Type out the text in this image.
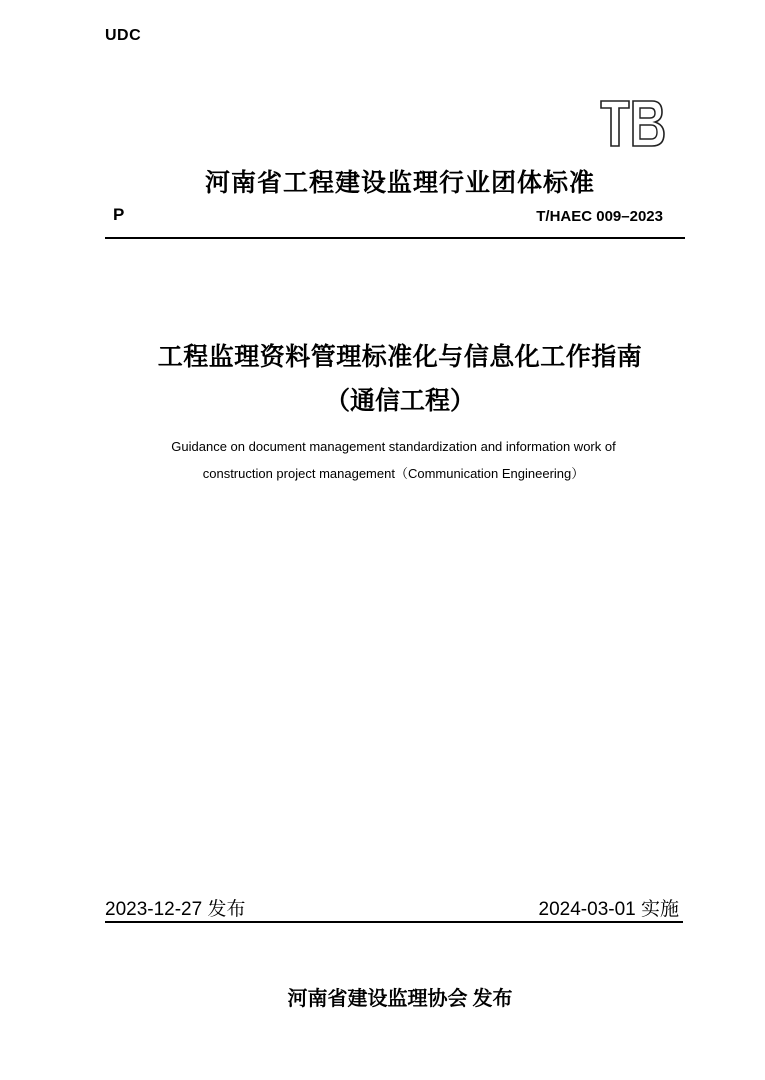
UDC
河南省工程建设监理行业团体标准
P	T/HAEC 009–2023
工程监理资料管理标准化与信息化工作指南
（通信工程）
Guidance on document management standardization and information work of
construction project management（Communication Engineering）
2023-12-27 发布	2024-03-01 实施
河南省建设监理协会 发布
